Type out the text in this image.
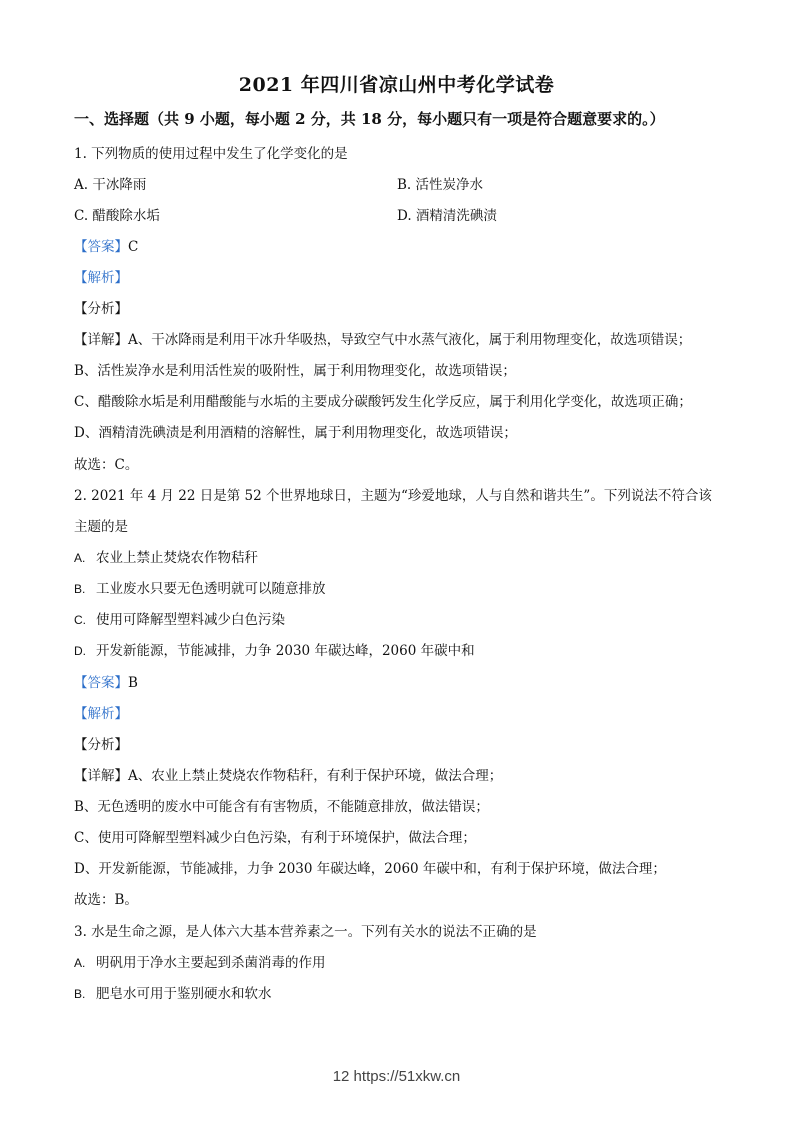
2021 年四川省凉山州中考化学试卷
一、选择题（共 9 小题，每小题 2 分，共 18 分，每小题只有一项是符合题意要求的。）
1. 下列物质的使用过程中发生了化学变化的是
A. 干冰降雨	B. 活性炭净水
C. 醋酸除水垢	D. 酒精清洗碘渍
【答案】C
【解析】
【分析】
【详解】A、干冰降雨是利用干冰升华吸热，导致空气中水蒸气液化，属于利用物理变化，故选项错误；
B、活性炭净水是利用活性炭的吸附性，属于利用物理变化，故选项错误；
C、醋酸除水垢是利用醋酸能与水垢的主要成分碳酸钙发生化学反应，属于利用化学变化，故选项正确；
D、酒精清洗碘渍是利用酒精的溶解性，属于利用物理变化，故选项错误；
故选：C。
2. 2021 年 4 月 22 日是第 52 个世界地球日，主题为“珍爱地球，人与自然和谐共生”。下列说法不符合该
主题的是
A. 农业上禁止焚烧农作物秸秆
B. 工业废水只要无色透明就可以随意排放
C. 使用可降解型塑料减少白色污染
D. 开发新能源，节能减排，力争 2030 年碳达峰，2060 年碳中和
【答案】B
【解析】
【分析】
【详解】A、农业上禁止焚烧农作物秸秆，有利于保护环境，做法合理；
B、无色透明的废水中可能含有有害物质，不能随意排放，做法错误；
C、使用可降解型塑料减少白色污染，有利于环境保护，做法合理；
D、开发新能源，节能减排，力争 2030 年碳达峰，2060 年碳中和，有利于保护环境，做法合理；
故选：B。
3. 水是生命之源，是人体六大基本营养素之一。下列有关水的说法不正确的是
A. 明矾用于净水主要起到杀菌消毒的作用
B. 肥皂水可用于鉴别硬水和软水
12 https://51xkw.cn
